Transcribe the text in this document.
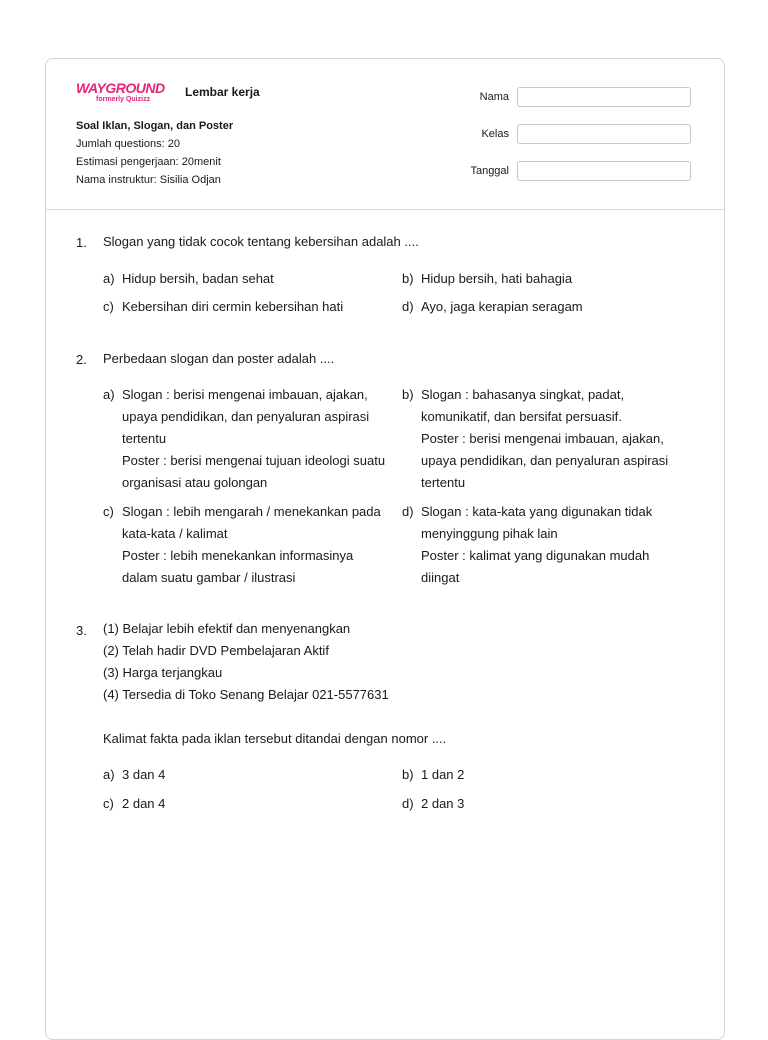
WAYGROUND
formerly Quizizz
Lembar kerja
Soal Iklan, Slogan, dan Poster
Jumlah questions: 20
Estimasi pengerjaan: 20menit
Nama instruktur: Sisilia Odjan
Nama
Kelas
Tanggal
1. Slogan yang tidak cocok tentang kebersihan adalah ....
a) Hidup bersih, badan sehat	b) Hidup bersih, hati bahagia
c) Kebersihan diri cermin kebersihan hati	d) Ayo, jaga kerapian seragam
2. Perbedaan slogan dan poster adalah ....
a) Slogan : berisi mengenai imbauan, ajakan,
upaya pendidikan, dan penyaluran aspirasi
tertentu
Poster : berisi mengenai tujuan ideologi suatu
organisasi atau golongan
b) Slogan : bahasanya singkat, padat,
komunikatif, dan bersifat persuasif.
Poster : berisi mengenai imbauan, ajakan,
upaya pendidikan, dan penyaluran aspirasi
tertentu
c) Slogan : lebih mengarah / menekankan pada
kata-kata / kalimat
Poster : lebih menekankan informasinya
dalam suatu gambar / ilustrasi
d) Slogan : kata-kata yang digunakan tidak
menyinggung pihak lain
Poster : kalimat yang digunakan mudah
diingat
3. (1) Belajar lebih efektif dan menyenangkan
(2) Telah hadir DVD Pembelajaran Aktif
(3) Harga terjangkau
(4) Tersedia di Toko Senang Belajar 021-5577631
Kalimat fakta pada iklan tersebut ditandai dengan nomor ....
a) 3 dan 4	b) 1 dan 2
c) 2 dan 4	d) 2 dan 3
